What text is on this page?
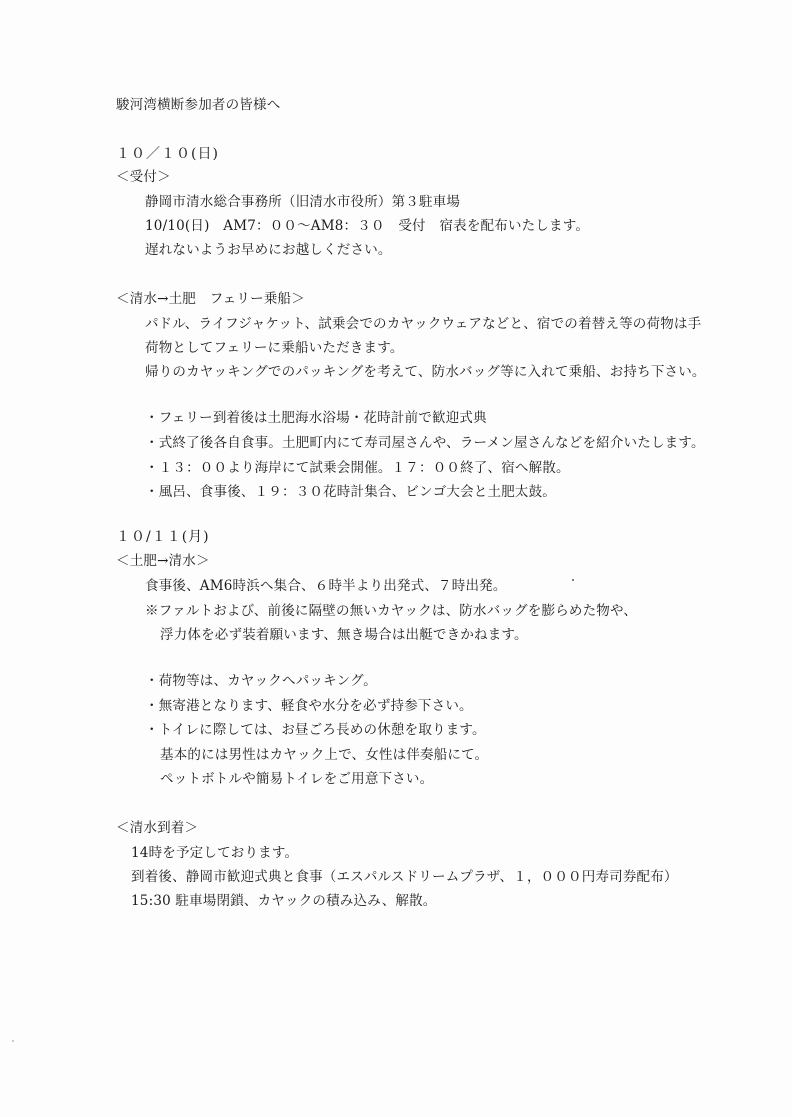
駿河湾横断参加者の皆様へ
１０／１０(日)
＜受付＞
静岡市清水総合事務所（旧清水市役所）第３駐車場
10/10(日)　AM7：００〜AM8：３０　受付　宿表を配布いたします。
遅れないようお早めにお越しください。
＜清水→土肥　フェリー乗船＞
パドル、ライフジャケット、試乗会でのカヤックウェアなどと、宿での着替え等の荷物は手
荷物としてフェリーに乗船いただきます。
帰りのカヤッキングでのパッキングを考えて、防水バッグ等に入れて乗船、お持ち下さい。
・フェリー到着後は土肥海水浴場・花時計前で歓迎式典
・式終了後各自食事。土肥町内にて寿司屋さんや、ラーメン屋さんなどを紹介いたします。
・１３：００より海岸にて試乗会開催。１７：００終了、宿へ解散。
・風呂、食事後、１９：３０花時計集合、ビンゴ大会と土肥太鼓。
１０/１１(月)
＜土肥→清水＞
食事後、AM6時浜へ集合、６時半より出発式、７時出発。
※ファルトおよび、前後に隔壁の無いカヤックは、防水バッグを膨らめた物や、
浮力体を必ず装着願います、無き場合は出艇できかねます。
・荷物等は、カヤックへパッキング。
・無寄港となります、軽食や水分を必ず持参下さい。
・トイレに際しては、お昼ごろ長めの休憩を取ります。
基本的には男性はカヤック上で、女性は伴奏船にて。
ペットボトルや簡易トイレをご用意下さい。
＜清水到着＞
14時を予定しております。
到着後、静岡市歓迎式典と食事（エスパルスドリームプラザ、１，０００円寿司券配布）
15:30 駐車場閉鎖、カヤックの積み込み、解散。
